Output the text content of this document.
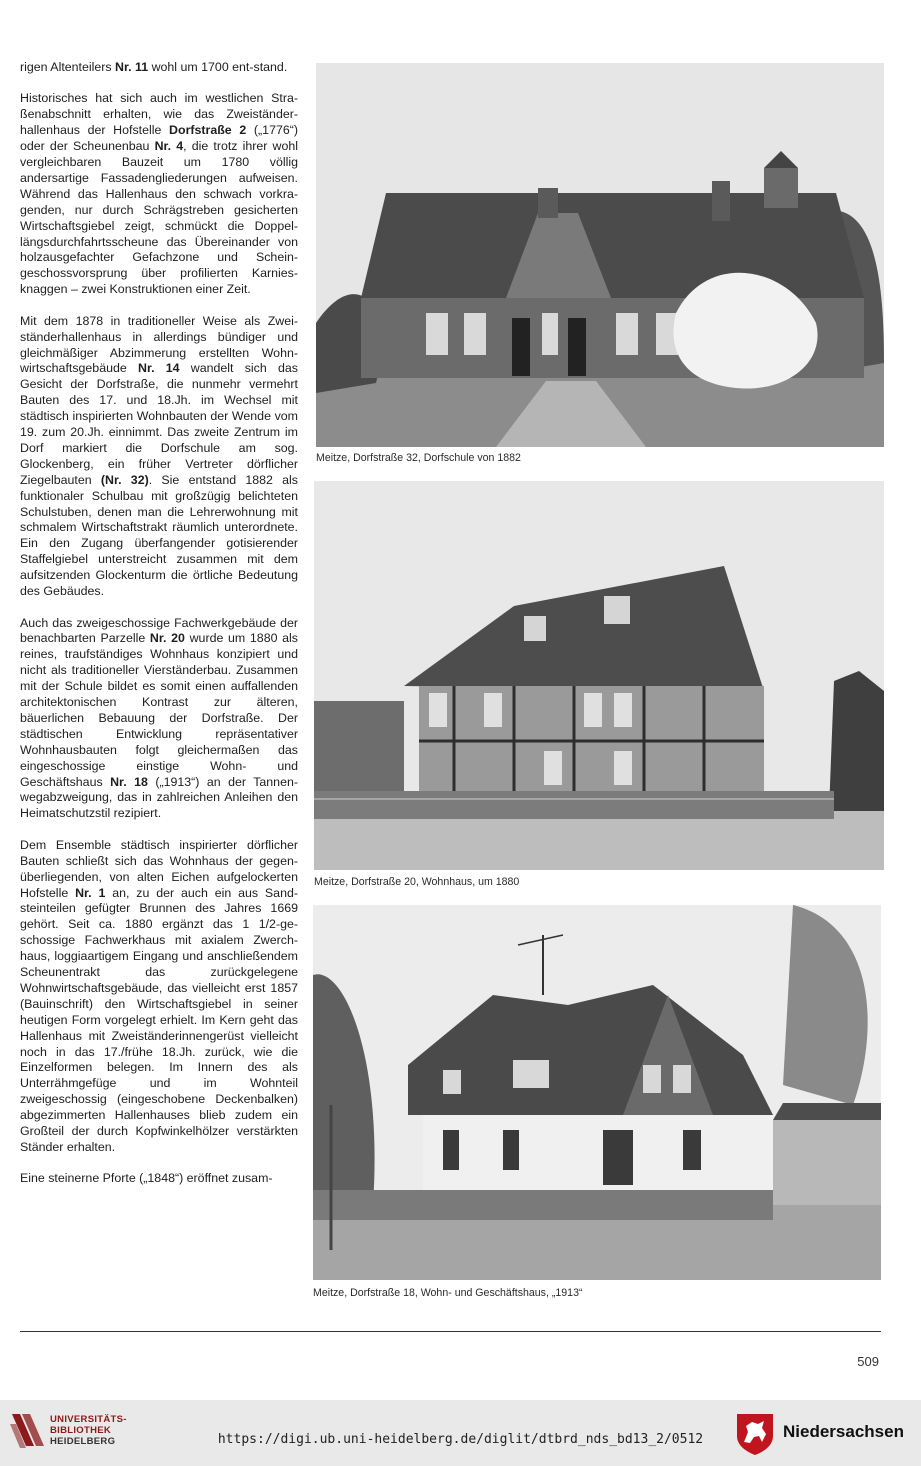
rigen Altenteilers Nr. 11 wohl um 1700 ent-stand.

Historisches hat sich auch im westlichen Straßenabschnitt erhalten, wie das Zweiständerhallenhaus der Hofstelle Dorfstraße 2 („1776“) oder der Scheunenbau Nr. 4, die trotz ihrer wohl vergleichbaren Bauzeit um 1780 völlig andersartige Fassadengliederungen aufweisen. Während das Hallenhaus den schwach vorkragenden, nur durch Schrägstreben gesicherten Wirtschaftsgiebel zeigt, schmückt die Doppellängsdurchfahrtsscheune das Übereinander von holzausgefachter Gefachzone und Scheingeschossvorsprung über profilierten Karniesknaggen – zwei Konstruktionen einer Zeit.

Mit dem 1878 in traditioneller Weise als Zweiständerhallenhaus in allerdings bündiger und gleichmäßiger Abzimmerung erstellten Wohnwirtschaftsgebäude Nr. 14 wandelt sich das Gesicht der Dorfstraße, die nunmehr vermehrt Bauten des 17. und 18.Jh. im Wechsel mit städtisch inspirierten Wohnbauten der Wende vom 19. zum 20.Jh. einnimmt. Das zweite Zentrum im Dorf markiert die Dorfschule am sog. Glockenberg, ein früher Vertreter dörflicher Ziegelbauten (Nr. 32). Sie entstand 1882 als funktionaler Schulbau mit großzügig belichteten Schulstuben, denen man die Lehrerwohnung mit schmalem Wirtschaftstrakt räumlich unterordnete. Ein den Zugang überfangender gotisierender Staffelgiebel unterstreicht zusammen mit dem aufsitzenden Glockenturm die örtliche Bedeutung des Gebäudes.

Auch das zweigeschossige Fachwerkgebäude der benachbarten Parzelle Nr. 20 wurde um 1880 als reines, traufständiges Wohnhaus konzipiert und nicht als traditioneller Vierständerbau. Zusammen mit der Schule bildet es somit einen auffallenden architektonischen Kontrast zur älteren, bäuerlichen Bebauung der Dorfstraße. Der städtischen Entwicklung repräsentativer Wohnhausbauten folgt gleichermaßen das eingeschossige einstige Wohn- und Geschäftshaus Nr. 18 („1913“) an der Tannenwegabzweigung, das in zahlreichen Anleihen den Heimatschutzstil rezipiert.

Dem Ensemble städtisch inspirierter dörflicher Bauten schließt sich das Wohnhaus der gegenüberliegenden, von alten Eichen aufgelockerten Hofstelle Nr. 1 an, zu der auch ein aus Sandsteinteilen gefügter Brunnen des Jahres 1669 gehört. Seit ca. 1880 ergänzt das 1 1/2-geschossige Fachwerkhaus mit axialem Zwerchhaus, loggiaartigem Eingang und anschließendem Scheunentrakt das zurückgelegene Wohnwirtschaftsgebäude, das vielleicht erst 1857 (Bauinschrift) den Wirtschaftsgiebel in seiner heutigen Form vorgelegt erhielt. Im Kern geht das Hallenhaus mit Zweiständerinnengerüst vielleicht noch in das 17./frühe 18.Jh. zurück, wie die Einzelformen belegen. Im Innern des als Unterrähmgefüge und im Wohnteil zweigeschossig (eingeschobene Deckenbalken) abgezimmerten Hallenhauses blieb zudem ein Großteil der durch Kopfwinkelhölzer verstärkten Ständer erhalten.

Eine steinerne Pforte („1848“) eröffnet zusam-

Meitze, Dorfstraße 32, Dorfschule von 1882
Meitze, Dorfstraße 20, Wohnhaus, um 1880
Meitze, Dorfstraße 18, Wohn- und Geschäftshaus, „1913“
509
UNIVERSITÄTS-
BIBLIOTHEK
HEIDELBERG	https://digi.ub.uni-heidelberg.de/diglit/dtbrd_nds_bd13_2/0512	Niedersachsen
